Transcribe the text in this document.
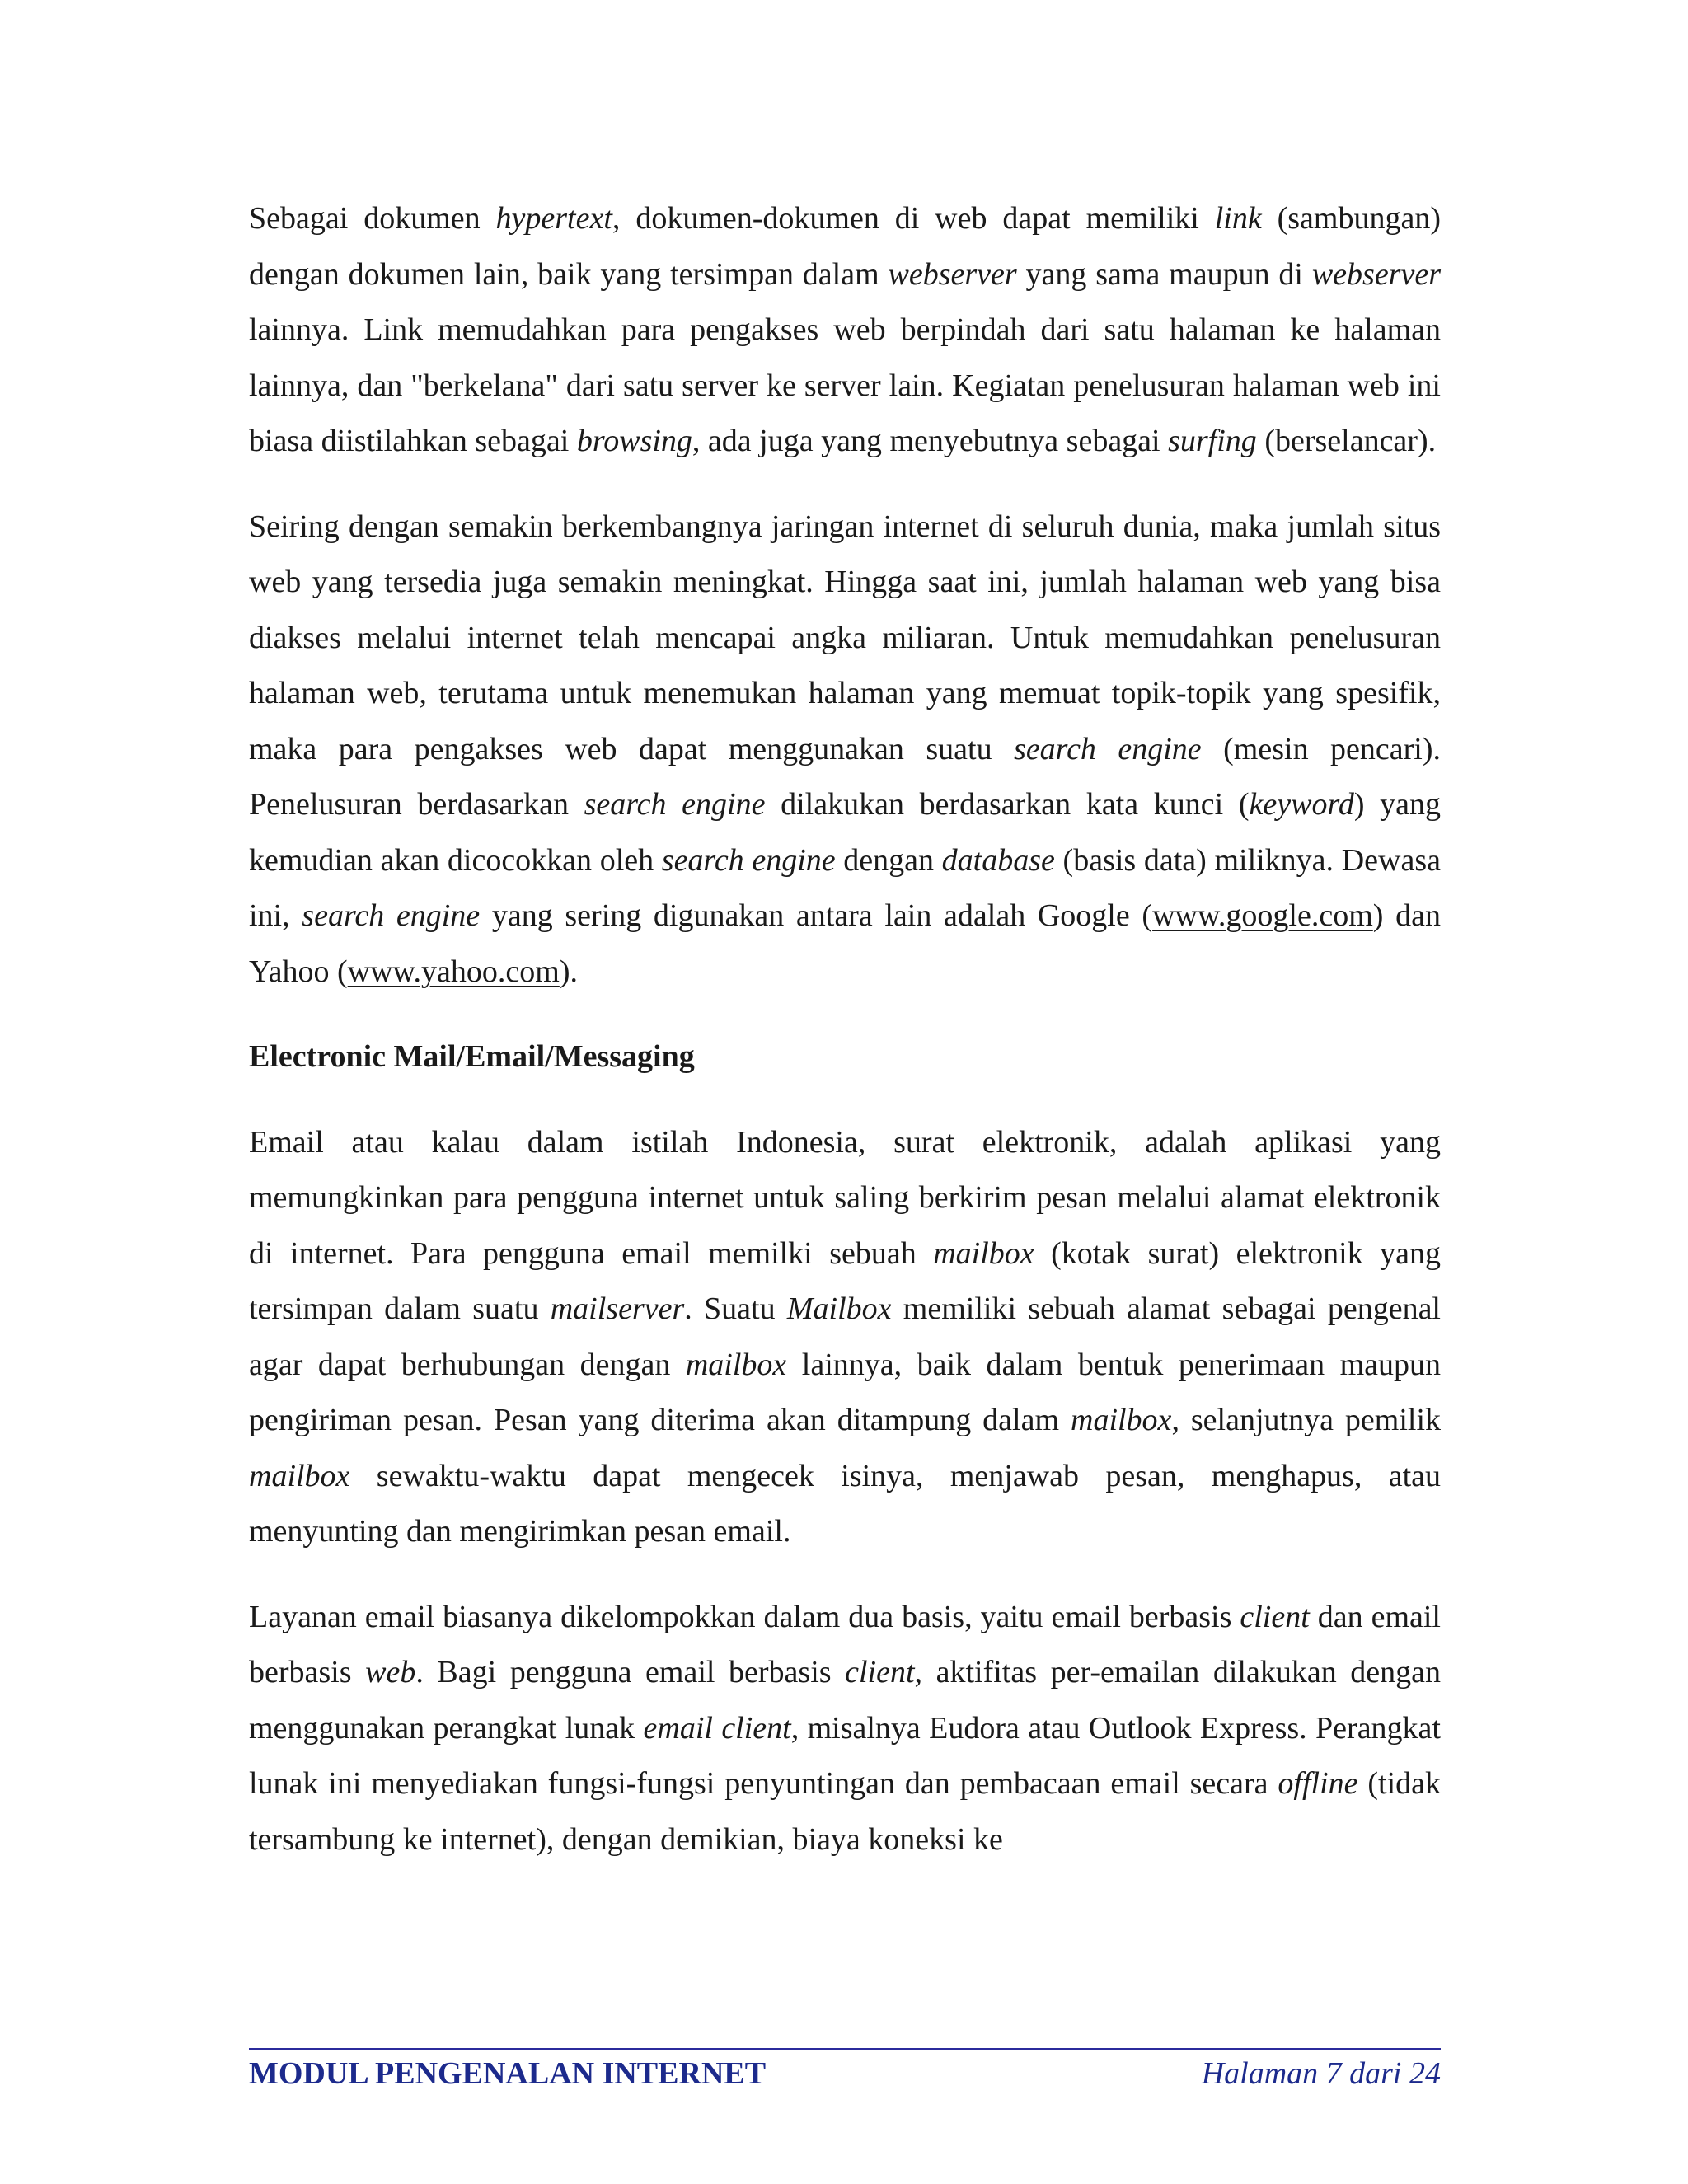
Sebagai dokumen hypertext, dokumen-dokumen di web dapat memiliki link (sambungan) dengan dokumen lain, baik yang tersimpan dalam webserver yang sama maupun di webserver lainnya. Link memudahkan para pengakses web berpindah dari satu halaman ke halaman lainnya, dan "berkelana" dari satu server ke server lain. Kegiatan penelusuran halaman web ini biasa diistilahkan sebagai browsing, ada juga yang menyebutnya sebagai surfing (berselancar).

Seiring dengan semakin berkembangnya jaringan internet di seluruh dunia, maka jumlah situs web yang tersedia juga semakin meningkat. Hingga saat ini, jumlah halaman web yang bisa diakses melalui internet telah mencapai angka miliaran. Untuk memudahkan penelusuran halaman web, terutama untuk menemukan halaman yang memuat topik-topik yang spesifik, maka para pengakses web dapat menggunakan suatu search engine (mesin pencari). Penelusuran berdasarkan search engine dilakukan berdasarkan kata kunci (keyword) yang kemudian akan dicocokkan oleh search engine dengan database (basis data) miliknya. Dewasa ini, search engine yang sering digunakan antara lain adalah Google (www.google.com) dan Yahoo (www.yahoo.com).

Electronic Mail/Email/Messaging

Email atau kalau dalam istilah Indonesia, surat elektronik, adalah aplikasi yang memungkinkan para pengguna internet untuk saling berkirim pesan melalui alamat elektronik di internet. Para pengguna email memilki sebuah mailbox (kotak surat) elektronik yang tersimpan dalam suatu mailserver. Suatu Mailbox memiliki sebuah alamat sebagai pengenal agar dapat berhubungan dengan mailbox lainnya, baik dalam bentuk penerimaan maupun pengiriman pesan. Pesan yang diterima akan ditampung dalam mailbox, selanjutnya pemilik mailbox sewaktu-waktu dapat mengecek isinya, menjawab pesan, menghapus, atau menyunting dan mengirimkan pesan email.

Layanan email biasanya dikelompokkan dalam dua basis, yaitu email berbasis client dan email berbasis web. Bagi pengguna email berbasis client, aktifitas per-emailan dilakukan dengan menggunakan perangkat lunak email client, misalnya Eudora atau Outlook Express. Perangkat lunak ini menyediakan fungsi-fungsi penyuntingan dan pembacaan email secara offline (tidak tersambung ke internet), dengan demikian, biaya koneksi ke

MODUL PENGENALAN INTERNET	Halaman 7 dari 24
